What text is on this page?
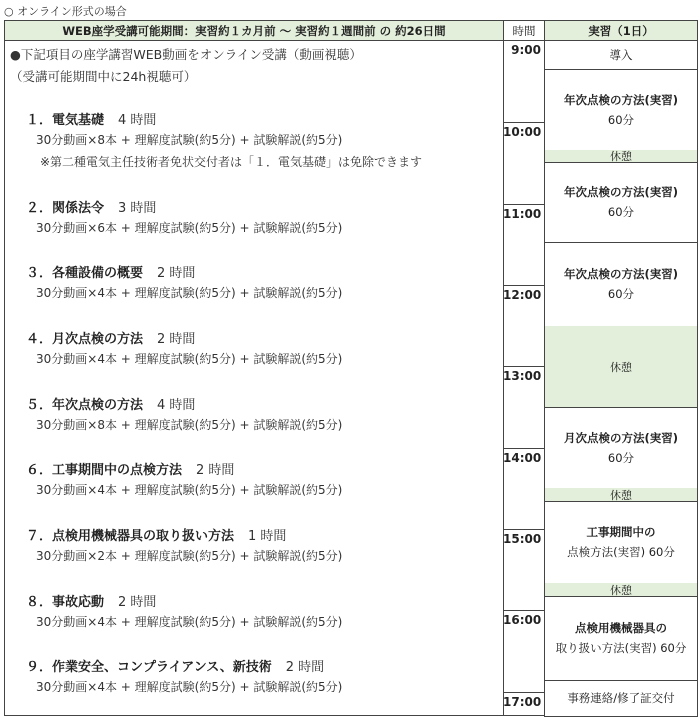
○ オンライン形式の場合
WEB座学受講可能期間：実習約１カ月前 ～ 実習約１週間前 の 約26日間	時間	実習（1日）
●下記項目の座学講習WEB動画をオンライン受講（動画視聴）
（受講可能期間中に24h視聴可）
１．電気基礎 4 時間
30分動画×8本 + 理解度試験(約5分) + 試験解説(約5分)
※第二種電気主任技術者免状交付者は「１．電気基礎」は免除できます
２．関係法令 3 時間
30分動画×6本 + 理解度試験(約5分) + 試験解説(約5分)
３．各種設備の概要 2 時間
30分動画×4本 + 理解度試験(約5分) + 試験解説(約5分)
４．月次点検の方法 2 時間
30分動画×4本 + 理解度試験(約5分) + 試験解説(約5分)
５．年次点検の方法 4 時間
30分動画×8本 + 理解度試験(約5分) + 試験解説(約5分)
６．工事期間中の点検方法 2 時間
30分動画×4本 + 理解度試験(約5分) + 試験解説(約5分)
７．点検用機械器具の取り扱い方法 1 時間
30分動画×2本 + 理解度試験(約5分) + 試験解説(約5分)
８．事故応動 2 時間
30分動画×4本 + 理解度試験(約5分) + 試験解説(約5分)
９．作業安全、コンプライアンス、新技術 2 時間
30分動画×4本 + 理解度試験(約5分) + 試験解説(約5分)
9:00
10:00
11:00
12:00
13:00
14:00
15:00
16:00
17:00
導入
年次点検の方法(実習)
60分
休憩
年次点検の方法(実習)
60分
年次点検の方法(実習)
60分
休憩
月次点検の方法(実習)
60分
休憩
工事期間中の
点検方法(実習) 60分
休憩
点検用機械器具の
取り扱い方法(実習) 60分
事務連絡/修了証交付
